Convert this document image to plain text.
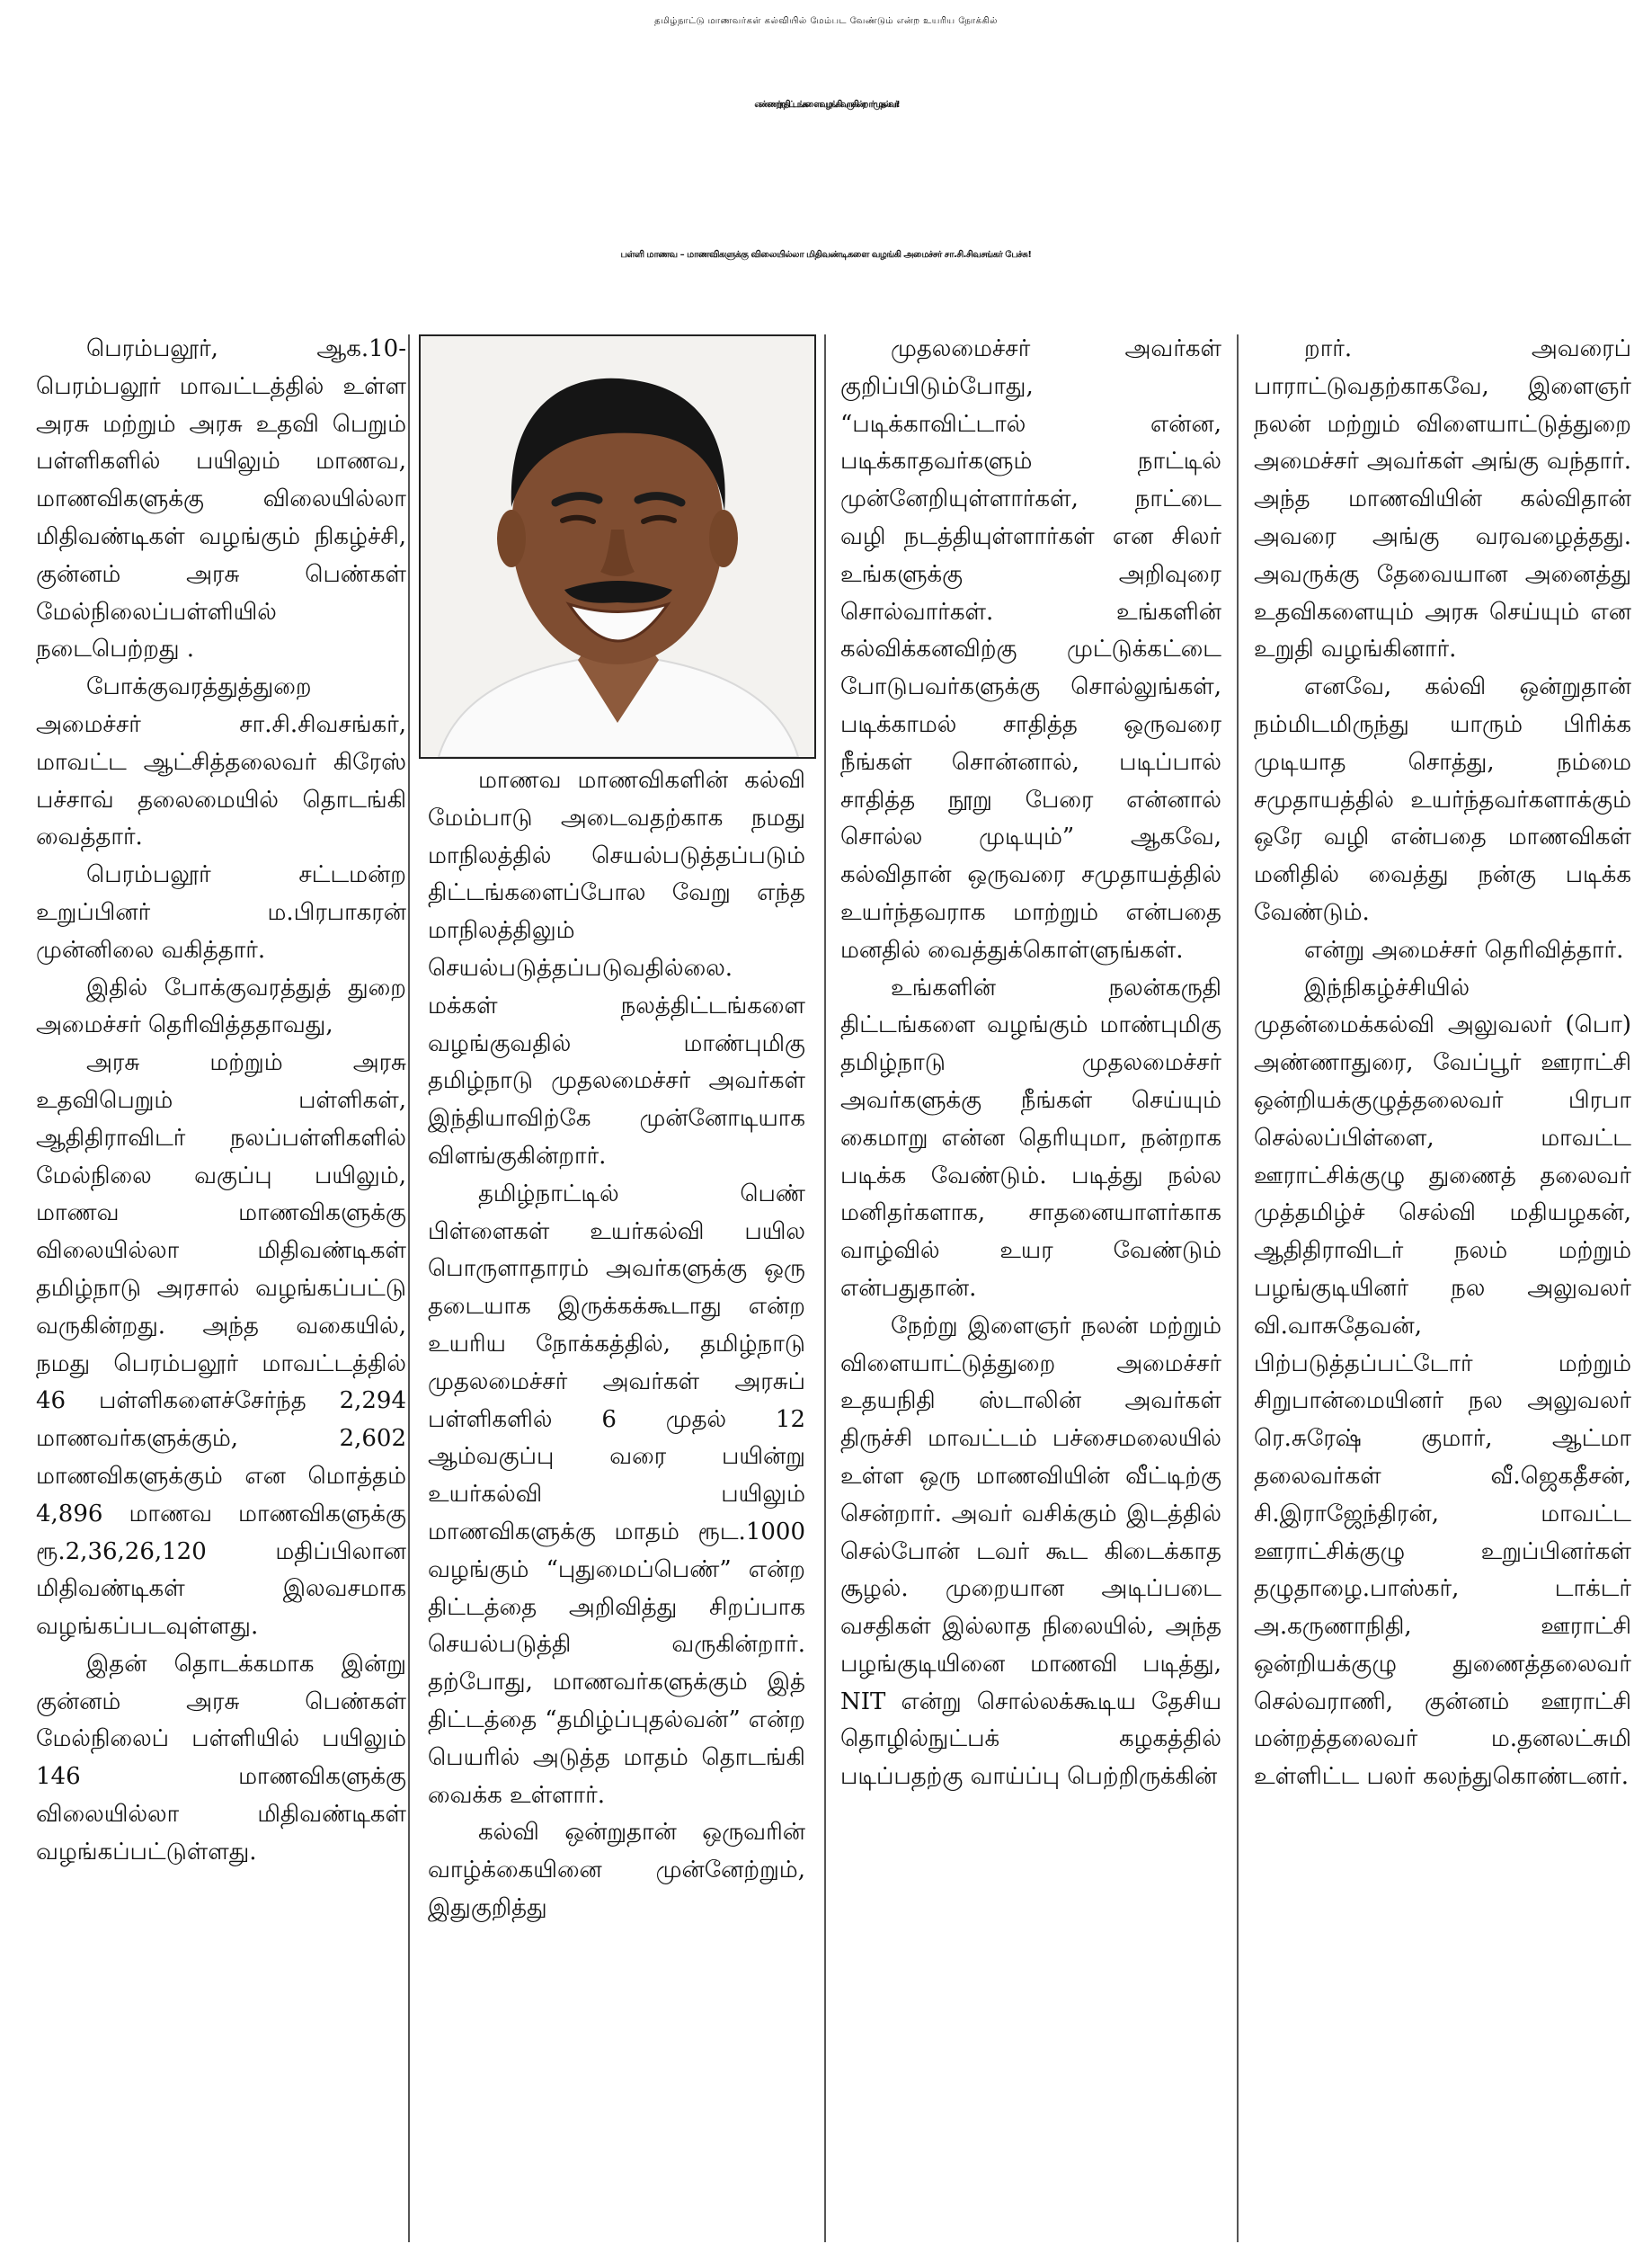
தமிழ்நாட்டு மாணவர்கள் கல்வியில் மேம்பட வேண்டும் என்ற உயரிய நோக்கில்
எண்ணற்ற திட்டங்களை வழங்கி வருகின்றார் முதல்வர்!
பள்ளி மாணவ – மாணவிகளுக்கு விலையில்லா மிதிவண்டிகளை வழங்கி அமைச்சர் சா.சி.சிவசங்கர் பேச்சு!

பெரம்பலூர், ஆக.10- பெரம்பலூர் மாவட்டத்தில் உள்ள அரசு மற்றும் அரசு உதவி பெறும் பள்ளிகளில் பயிலும் மாணவ, மாணவிகளுக்கு விலையில்லா மிதிவண்டிகள் வழங்கும் நிகழ்ச்சி, குன்னம் அரசு பெண்கள் மேல்நிலைப்பள்ளியில் நடைபெற்றது .

போக்குவரத்துத்துறை அமைச்சர் சா.சி.சிவசங்கர், மாவட்ட ஆட்சித்தலைவர் கிரேஸ் பச்சாவ் தலைமையில் தொடங்கி வைத்தார்.

பெரம்பலூர் சட்டமன்ற உறுப்பினர் ம.பிரபாகரன் முன்னிலை வகித்தார்.

இதில் போக்குவரத்துத் துறை அமைச்சர் தெரிவித்ததாவது,

அரசு மற்றும் அரசு உதவிபெறும் பள்ளிகள், ஆதிதிராவிடர் நலப்பள்ளிகளில் மேல்நிலை வகுப்பு பயிலும், மாணவ மாணவிகளுக்கு விலையில்லா மிதிவண்டிகள் தமிழ்நாடு அரசால் வழங்கப்பட்டு வருகின்றது. அந்த வகையில், நமது பெரம்பலூர் மாவட்டத்தில் 46 பள்ளிகளைச்சேர்ந்த 2,294 மாணவர்களுக்கும், 2,602 மாணவிகளுக்கும் என மொத்தம் 4,896 மாணவ மாணவிகளுக்கு ரூ.2,36,26,120 மதிப்பிலான மிதிவண்டிகள் இலவசமாக வழங்கப்படவுள்ளது.

இதன் தொடக்கமாக இன்று குன்னம் அரசு பெண்கள் மேல்நிலைப் பள்ளியில் பயிலும் 146 மாணவிகளுக்கு விலையில்லா மிதிவண்டிகள் வழங்கப்பட்டுள்ளது.

மாணவ மாணவிகளின் கல்வி மேம்பாடு அடைவதற்காக நமது மாநிலத்தில் செயல்படுத்தப்படும் திட்டங்களைப்போல வேறு எந்த மாநிலத்திலும் செயல்படுத்தப்படுவதில்லை. மக்கள் நலத்திட்டங்களை வழங்குவதில் மாண்புமிகு தமிழ்நாடு முதலமைச்சர் அவர்கள் இந்தியாவிற்கே முன்னோடியாக விளங்குகின்றார்.

தமிழ்நாட்டில் பெண் பிள்ளைகள் உயர்கல்வி பயில பொருளாதாரம் அவர்களுக்கு ஒரு தடையாக இருக்கக்கூடாது என்ற உயரிய நோக்கத்தில், தமிழ்நாடு முதலமைச்சர் அவர்கள் அரசுப் பள்ளிகளில் 6 முதல் 12 ஆம்வகுப்பு வரை பயின்று உயர்கல்வி பயிலும் மாணவிகளுக்கு மாதம் ரூட.1000 வழங்கும் “புதுமைப்பெண்” என்ற திட்டத்தை அறிவித்து சிறப்பாக செயல்படுத்தி வருகின்றார். தற்போது, மாணவர்களுக்கும் இத் திட்டத்தை “தமிழ்ப்புதல்வன்” என்ற பெயரில் அடுத்த மாதம் தொடங்கி வைக்க உள்ளார்.

கல்வி ஒன்றுதான் ஒருவரின் வாழ்க்கையினை முன்னேற்றும், இதுகுறித்து

முதலமைச்சர் அவர்கள் குறிப்பிடும்போது, “படிக்காவிட்டால் என்ன, படிக்காதவர்களும் நாட்டில் முன்னேறியுள்ளார்கள், நாட்டை வழி நடத்தியுள்ளார்கள் என சிலர் உங்களுக்கு அறிவுரை சொல்வார்கள். உங்களின் கல்விக்கனவிற்கு முட்டுக்கட்டை போடுபவர்களுக்கு சொல்லுங்கள், படிக்காமல் சாதித்த ஒருவரை நீங்கள் சொன்னால், படிப்பால் சாதித்த நூறு பேரை என்னால் சொல்ல முடியும்” ஆகவே, கல்விதான் ஒருவரை சமுதாயத்தில் உயர்ந்தவராக மாற்றும் என்பதை மனதில் வைத்துக்கொள்ளுங்கள்.

உங்களின் நலன்கருதி திட்டங்களை வழங்கும் மாண்புமிகு தமிழ்நாடு முதலமைச்சர் அவர்களுக்கு நீங்கள் செய்யும் கைமாறு என்ன தெரியுமா, நன்றாக படிக்க வேண்டும். படித்து நல்ல மனிதர்களாக, சாதனையாளர்காக வாழ்வில் உயர வேண்டும் என்பதுதான்.

நேற்று இளைஞர் நலன் மற்றும் விளையாட்டுத்துறை அமைச்சர் உதயநிதி ஸ்டாலின் அவர்கள் திருச்சி மாவட்டம் பச்சைமலையில் உள்ள ஒரு மாணவியின் வீட்டிற்கு சென்றார். அவர் வசிக்கும் இடத்தில் செல்போன் டவர் கூட கிடைக்காத சூழல். முறையான அடிப்படை வசதிகள் இல்லாத நிலையில், அந்த பழங்குடியினை மாணவி படித்து, NIT என்று சொல்லக்கூடிய தேசிய தொழில்நுட்பக் கழகத்தில் படிப்பதற்கு வாய்ப்பு பெற்றிருக்கின்

றார். அவரைப் பாராட்டுவதற்காகவே, இளைஞர் நலன் மற்றும் விளையாட்டுத்துறை அமைச்சர் அவர்கள் அங்கு வந்தார். அந்த மாணவியின் கல்விதான் அவரை அங்கு வரவழைத்தது. அவருக்கு தேவையான அனைத்து உதவிகளையும் அரசு செய்யும் என உறுதி வழங்கினார்.

எனவே, கல்வி ஒன்றுதான் நம்மிடமிருந்து யாரும் பிரிக்க முடியாத சொத்து, நம்மை சமுதாயத்தில் உயர்ந்தவர்களாக்கும் ஒரே வழி என்பதை மாணவிகள் மனிதில் வைத்து நன்கு படிக்க வேண்டும்.

என்று அமைச்சர் தெரிவித்தார்.

இந்நிகழ்ச்சியில் முதன்மைக்கல்வி அலுவலர் (பொ) அண்ணாதுரை, வேப்பூர் ஊராட்சி ஒன்றியக்குழுத்தலைவர் பிரபா செல்லப்பிள்ளை, மாவட்ட ஊராட்சிக்குழு துணைத் தலைவர் முத்தமிழ்ச் செல்வி மதியழகன், ஆதிதிராவிடர் நலம் மற்றும் பழங்குடியினர் நல அலுவலர் வி.வாசுதேவன், பிற்படுத்தப்பட்டோர் மற்றும் சிறுபான்மையினர் நல அலுவலர் ரெ.சுரேஷ் குமார், ஆட்மா தலைவர்கள் வீ.ஜெகதீசன், சி.இராஜேந்திரன், மாவட்ட ஊராட்சிக்குழு உறுப்பினர்கள் தழுதாழை.பாஸ்கர், டாக்டர் அ.கருணாநிதி, ஊராட்சி ஒன்றியக்குழு துணைத்தலைவர் செல்வராணி, குன்னம் ஊராட்சி மன்றத்தலைவர் ம.தனலட்சுமி உள்ளிட்ட பலர் கலந்துகொண்டனர்.
